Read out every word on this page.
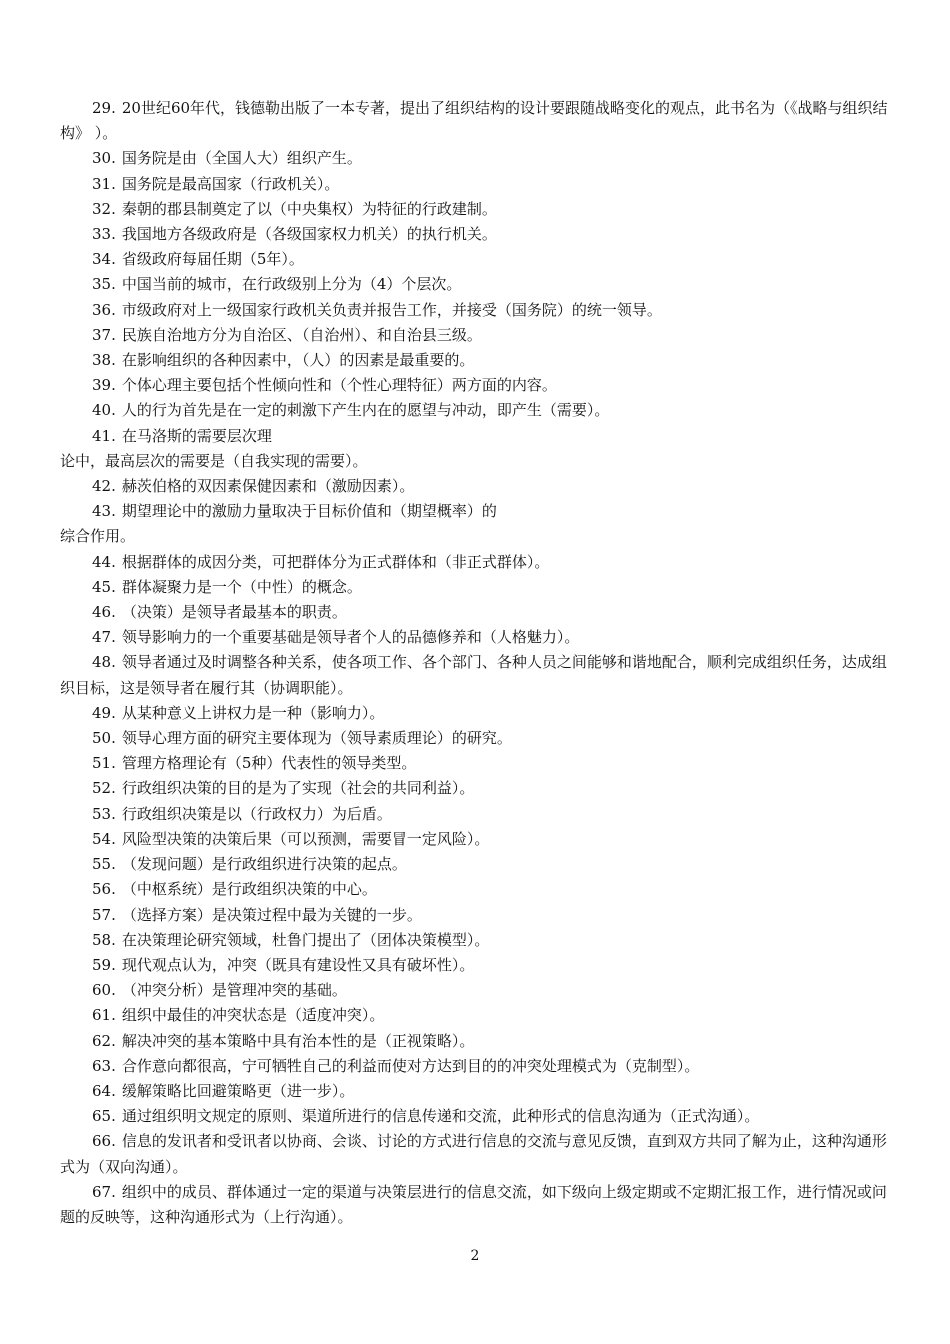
29. 20世纪60年代，钱德勒出版了一本专著，提出了组织结构的设计要跟随战略变化的观点，此书名为（《战略与组织结构》 ）。

30. 国务院是由（全国人大）组织产生。

31. 国务院是最高国家（行政机关）。

32. 秦朝的郡县制奠定了以（中央集权）为特征的行政建制。

33. 我国地方各级政府是（各级国家权力机关）的执行机关。

34. 省级政府每届任期（5年）。

35. 中国当前的城市，在行政级别上分为（4）个层次。

36. 市级政府对上一级国家行政机关负责并报告工作，并接受（国务院）的统一领导。

37. 民族自治地方分为自治区、（自治州）、和自治县三级。

38. 在影响组织的各种因素中，（人）的因素是最重要的。

39. 个体心理主要包括个性倾向性和（个性心理特征）两方面的内容。

40. 人的行为首先是在一定的刺激下产生内在的愿望与冲动，即产生（需要）。

41. 在马洛斯的需要层次理

论中，最高层次的需要是（自我实现的需要）。

42. 赫茨伯格的双因素保健因素和（激励因素）。

43. 期望理论中的激励力量取决于目标价值和（期望概率）的

综合作用。

44. 根据群体的成因分类，可把群体分为正式群体和（非正式群体）。

45. 群体凝聚力是一个（中性）的概念。

46. （决策）是领导者最基本的职责。

47. 领导影响力的一个重要基础是领导者个人的品德修养和（人格魅力）。

48. 领导者通过及时调整各种关系，使各项工作、各个部门、各种人员之间能够和谐地配合，顺利完成组织任务，达成组织目标，这是领导者在履行其（协调职能）。

49. 从某种意义上讲权力是一种（影响力）。

50. 领导心理方面的研究主要体现为（领导素质理论）的研究。

51. 管理方格理论有（5种）代表性的领导类型。

52. 行政组织决策的目的是为了实现（社会的共同利益）。

53. 行政组织决策是以（行政权力）为后盾。

54. 风险型决策的决策后果（可以预测，需要冒一定风险）。

55. （发现问题）是行政组织进行决策的起点。

56. （中枢系统）是行政组织决策的中心。

57. （选择方案）是决策过程中最为关键的一步。

58. 在决策理论研究领域，杜鲁门提出了（团体决策模型）。

59. 现代观点认为，冲突（既具有建设性又具有破坏性）。

60. （冲突分析）是管理冲突的基础。

61. 组织中最佳的冲突状态是（适度冲突）。

62. 解决冲突的基本策略中具有治本性的是（正视策略）。

63. 合作意向都很高，宁可牺牲自己的利益而使对方达到目的的冲突处理模式为（克制型）。

64. 缓解策略比回避策略更（进一步）。

65. 通过组织明文规定的原则、渠道所进行的信息传递和交流，此种形式的信息沟通为（正式沟通）。

66. 信息的发讯者和受讯者以协商、会谈、讨论的方式进行信息的交流与意见反馈，直到双方共同了解为止，这种沟通形式为（双向沟通）。

67. 组织中的成员、群体通过一定的渠道与决策层进行的信息交流，如下级向上级定期或不定期汇报工作，进行情况或问题的反映等，这种沟通形式为（上行沟通）。

2
